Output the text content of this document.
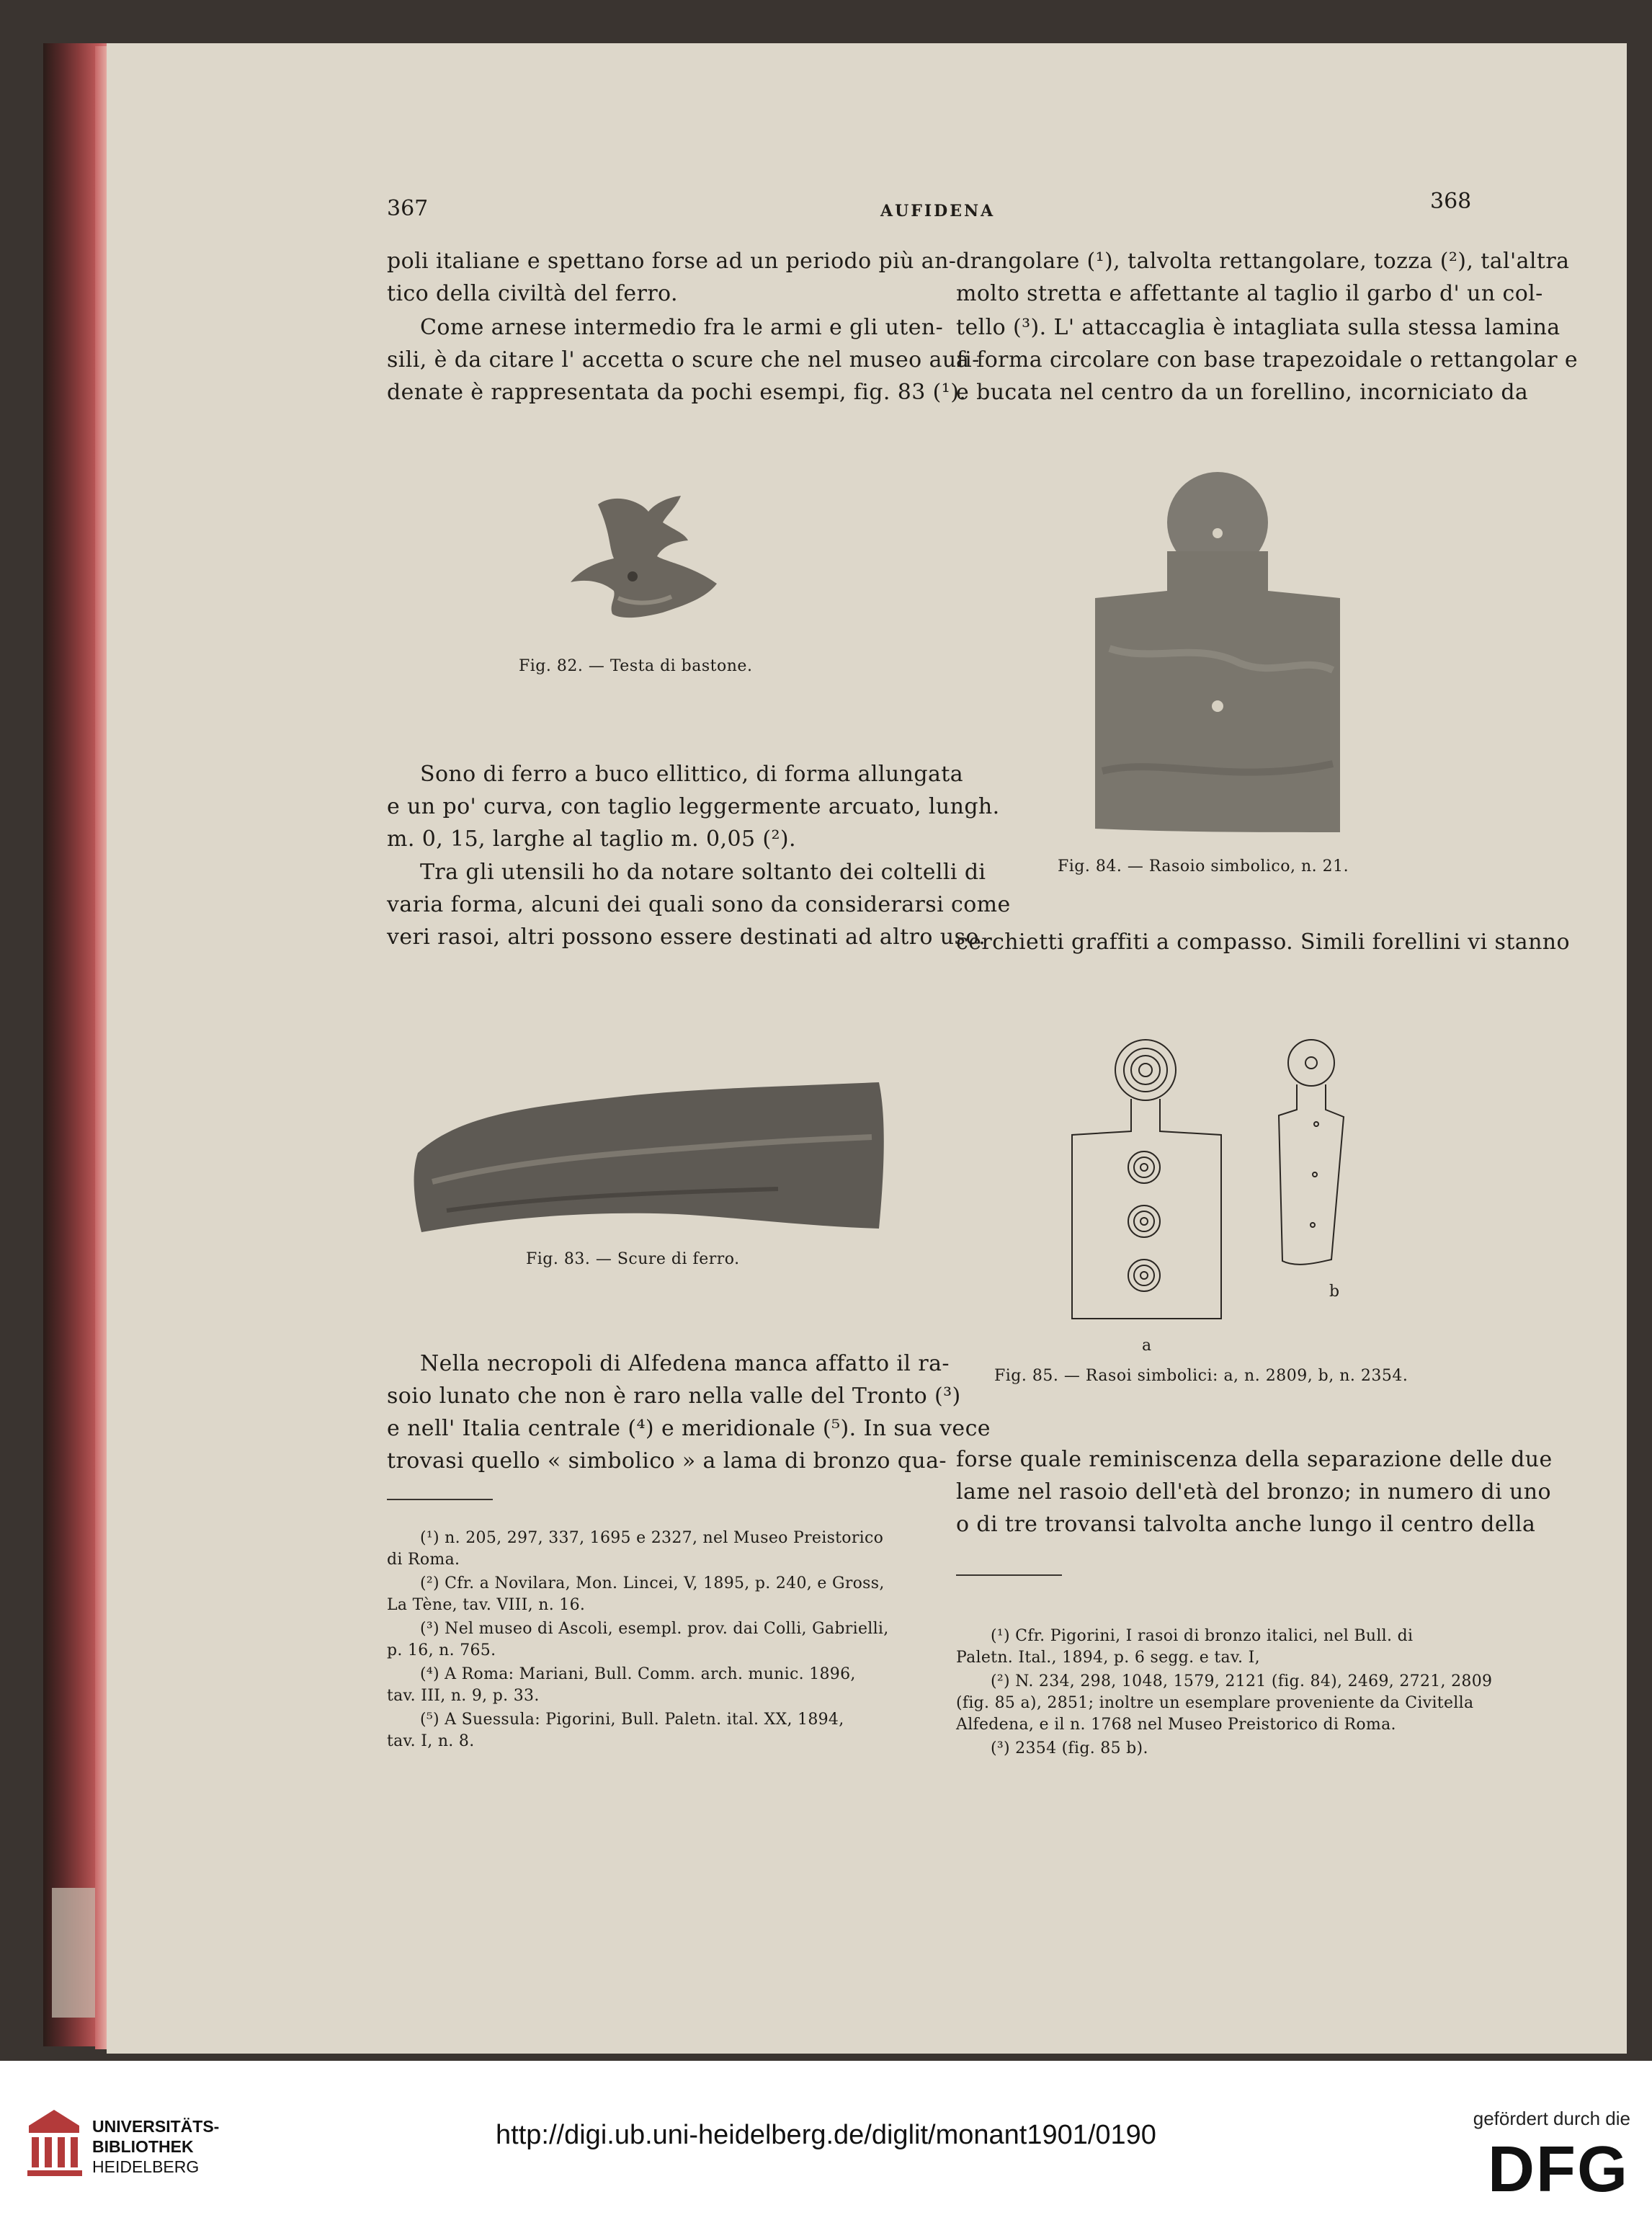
367	AUFIDENA	368
poli italiane e spettano forse ad un periodo più an-
tico della civiltà del ferro.
Come arnese intermedio fra le armi e gli uten-
sili, è da citare l' accetta o scure che nel museo aufi-
denate è rappresentata da pochi esempi, fig. 83 (¹).
Fig. 82. — Testa di bastone.
Sono di ferro a buco ellittico, di forma allungata
e un po' curva, con taglio leggermente arcuato, lungh.
m. 0, 15, larghe al taglio m. 0,05 (²).
Tra gli utensili ho da notare soltanto dei coltelli di
varia forma, alcuni dei quali sono da considerarsi come
veri rasoi, altri possono essere destinati ad altro uso.
Fig. 83. — Scure di ferro.
Nella necropoli di Alfedena manca affatto il ra-
soio lunato che non è raro nella valle del Tronto (³)
e nell' Italia centrale (⁴) e meridionale (⁵). In sua vece
trovasi quello « simbolico » a lama di bronzo qua-
(¹) n. 205, 297, 337, 1695 e 2327, nel Museo Preistorico
di Roma.
(²) Cfr. a Novilara, Mon. Lincei, V, 1895, p. 240, e Gross,
La Tène, tav. VIII, n. 16.
(³) Nel museo di Ascoli, esempl. prov. dai Colli, Gabrielli,
p. 16, n. 765.
(⁴) A Roma: Mariani, Bull. Comm. arch. munic. 1896,
tav. III, n. 9, p. 33.
(⁵) A Suessula: Pigorini, Bull. Paletn. ital. XX, 1894,
tav. I, n. 8.
drangolare (¹), talvolta rettangolare, tozza (²), tal'altra
molto stretta e affettante al taglio il garbo d' un col-
tello (³). L' attaccaglia è intagliata sulla stessa lamina
a forma circolare con base trapezoidale o rettangolar e
e bucata nel centro da un forellino, incorniciato da
Fig. 84. — Rasoio simbolico, n. 21.
cerchietti graffiti a compasso. Simili forellini vi stanno
a
b
Fig. 85. — Rasoi simbolici: a, n. 2809, b, n. 2354.
forse quale reminiscenza della separazione delle due
lame nel rasoio dell'età del bronzo; in numero di uno
o di tre trovansi talvolta anche lungo il centro della
(¹) Cfr. Pigorini, I rasoi di bronzo italici, nel Bull. di
Paletn. Ital., 1894, p. 6 segg. e tav. I,
(²) N. 234, 298, 1048, 1579, 2121 (fig. 84), 2469, 2721, 2809
(fig. 85 a), 2851; inoltre un esemplare proveniente da Civitella
Alfedena, e il n. 1768 nel Museo Preistorico di Roma.
(³) 2354 (fig. 85 b).
UNIVERSITÄTS-
BIBLIOTHEK
HEIDELBERG
http://digi.ub.uni-heidelberg.de/diglit/monant1901/0190
gefördert durch die
DFG
